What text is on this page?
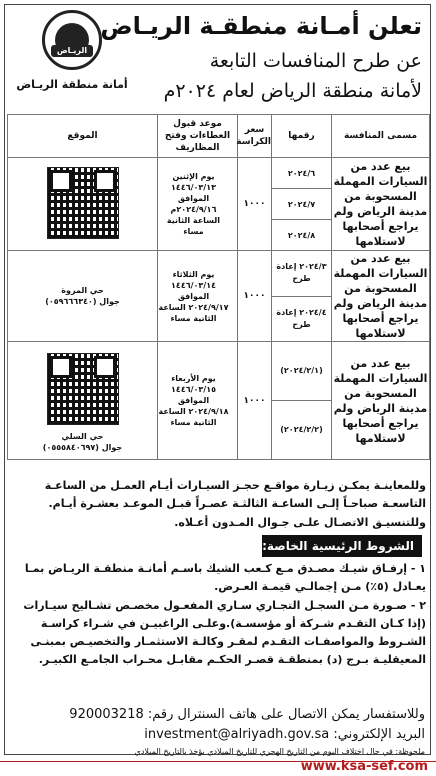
تعلن أمـانة منطقـة الريـاض
عن طرح المنافسات التابعة
لأمانة منطقة الرياض لعام ٢٠٢٤م
الريـاض
أمانة منطقة الريـاض
مسمى المنافسة	رقمها	سعر الكراسة	موعد قبول العطاءات وفتح المظاريف	الموقع
بيع عدد من السيارات المهملة المسحوبة من مدينة الرياض ولم يراجع أصحابها لاستلامها	٢٠٢٤/٦	١٠٠٠	يوم الإثنين ١٤٤٦/٠٣/١٣ الموافق ٢٠٢٤/٩/١٦م الساعة الثانية مساء	

	٢٠٢٤/٧			
	٢٠٢٤/٨			
بيع عدد من السيارات المهملة المسحوبة من مدينة الرياض ولم يراجع أصحابها لاستلامها	٢٠٢٤/٣ إعادة طرح	١٠٠٠	يوم الثلاثاء ١٤٤٦/٠٣/١٤ الموافق ٢٠٢٤/٩/١٧ الساعة الثانية مساء	حي المروة
جوال (٠٥٩٦٦٦٣٤٠)

	٢٠٢٤/٤ إعادة طرح			
بيع عدد من السيارات المهملة المسحوبة من مدينة الرياض ولم يراجع أصحابها لاستلامها	(٢٠٢٤/٢/١)	١٠٠٠	يوم الأربعاء ١٤٤٦/٠٣/١٥ الموافق ٢٠٢٤/٩/١٨ الساعة الثانية مساء	حي السلي
جوال (٠٥٥٥٨٤٠٦٩٧)

	(٢٠٢٤/٢/٢)			
وللمعاينـة يمكـن زيـارة مواقـع حجـز السيـارات أيـام العمـل من الساعـة التاسعـة صباحـاً إلـى الساعـة الثالثـة عصـراً قبـل الموعـد بعشـرة أيـام.
وللتنسيـق الاتصـال علـى جـوال المـدون أعـلاه.
الشروط الرئيسية الخاصة:
١ - إرفـاق شيـك مصـدق مـع كـعب الشيك باسـم أمانـة منطقـة الريـاض بمـا يعـادل (٥٪) مـن إجمالـي قيمـة العـرض.
٢ - صـورة مـن السجـل التجـاري سـاري المفعـول مخصـص تشـاليح سيـارات (إذا كـان التقـدم شـركة أو مؤسسـة).وعلـى الراغبيـن في شـراء كراسـة الشـروط والمواصفـات التقـدم لمقـر وكالـة الاستثمـار والتخصيـص بمبنـى المعيقليـة بـرج (د) بمنطقـة قصـر الحكـم مقابـل محـراب الجامـع الكبيـر.
وللاستفسار يمكن الاتصال على هاتف السنترال رقم: 920003218
البريد الإلكتروني: investment@alriyadh.gov.sa
ملحوظة: في حال اختلاف اليوم من التاريخ الهجري للتاريخ الميلادي يؤخذ بالتاريخ الميلادي
www.ksa-sef.com
